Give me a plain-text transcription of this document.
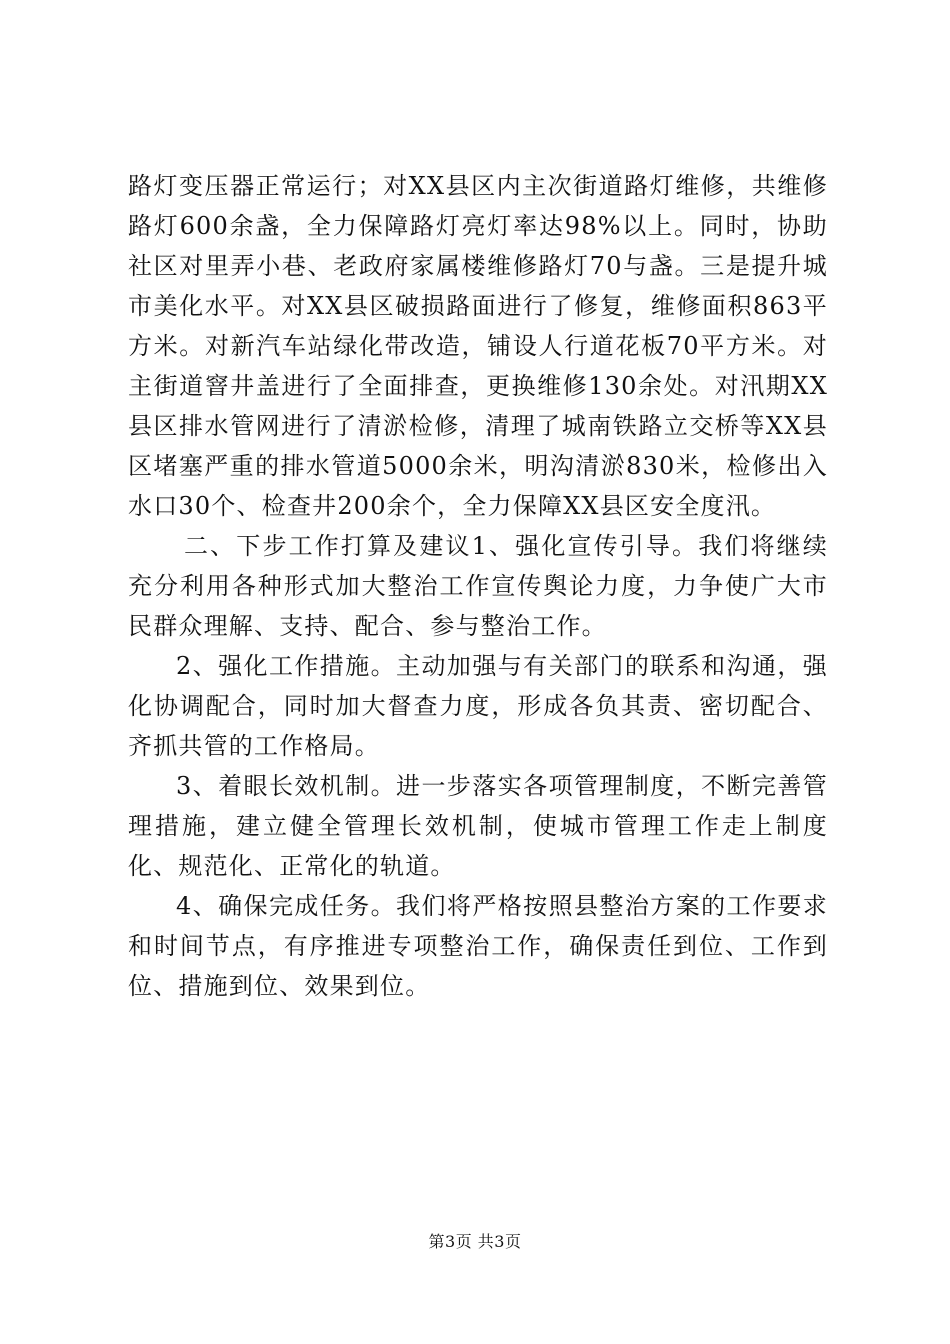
路灯变压器正常运行；对XX县区内主次街道路灯维修，共维修路灯600余盏，全力保障路灯亮灯率达98%以上。同时，协助社区对里弄小巷、老政府家属楼维修路灯70与盏。三是提升城市美化水平。对XX县区破损路面进行了修复，维修面积863平方米。对新汽车站绿化带改造，铺设人行道花板70平方米。对主街道窨井盖进行了全面排查，更换维修130余处。对汛期XX县区排水管网进行了清淤检修，清理了城南铁路立交桥等XX县区堵塞严重的排水管道5000余米，明沟清淤830米，检修出入水口30个、检查井200余个，全力保障XX县区安全度汛。

二、下步工作打算及建议1、强化宣传引导。我们将继续充分利用各种形式加大整治工作宣传舆论力度，力争使广大市民群众理解、支持、配合、参与整治工作。

2、强化工作措施。主动加强与有关部门的联系和沟通，强化协调配合，同时加大督查力度，形成各负其责、密切配合、齐抓共管的工作格局。

3、着眼长效机制。进一步落实各项管理制度，不断完善管理措施，建立健全管理长效机制，使城市管理工作走上制度化、规范化、正常化的轨道。

4、确保完成任务。我们将严格按照县整治方案的工作要求和时间节点，有序推进专项整治工作，确保责任到位、工作到位、措施到位、效果到位。

第3页 共3页
